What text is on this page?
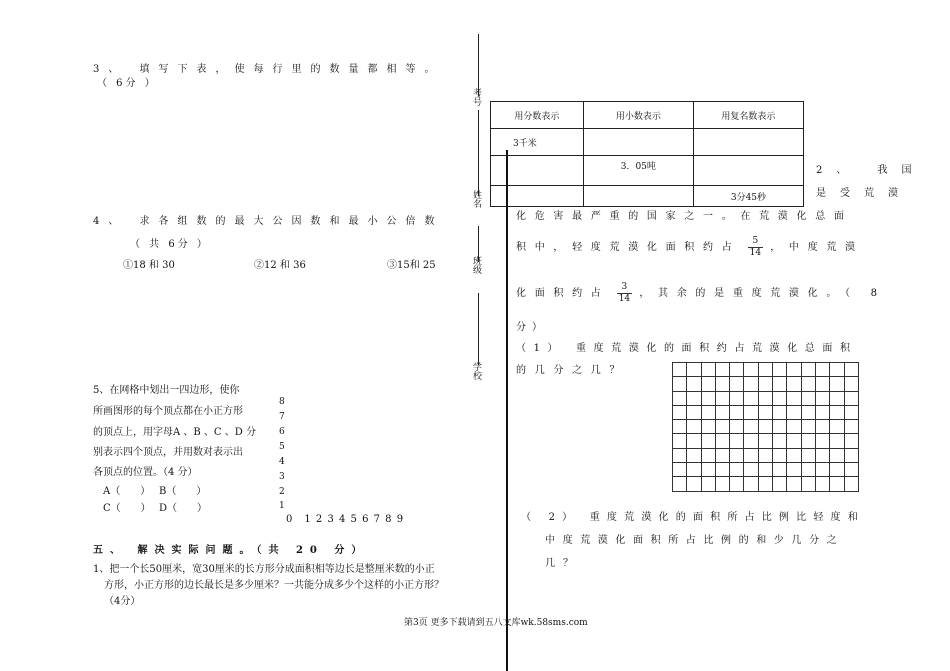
3、 填写下表，使每行里的数量都相等。
（ 6分 ）
4、 求各组数的最大公因数和最小公倍数
（ 共 6分 ）
①18 和 30	②12 和 36	③15和 25
5、在网格中划出一四边形，使你
所画图形的每个顶点都在小正方形
的顶点上，用字母A 、B 、C 、D 分
别表示四个顶点，并用数对表示出
各顶点的位置。（4 分）
A（　　） B（　　）
C（　　） D（　　）
8
7
6
5
4
3
2
1
0　1 2 3 4 5 6 7 8 9
五、 解决实际问题。（共 20 分）
1、把一个长50厘米，宽30厘米的长方形分成面积相等边长是整厘米数的小正
方形，小正方形的边长最长是多少厘米？一共能分成多少个这样的小正方形？
（4分）
考号
姓名
班级
学校
用分数表示	用小数表示	用复名数表示
3千米		
	3．05吨	
		3分45秒
2、 我国
是受荒漠
化危害最严重的国家之一。在荒漠化总面
积中，轻度荒漠化面积约占 $\frac{5}{14}$ ，中度荒漠
化面积约占 $\frac{3}{14}$ ，其余的是重度荒漠化。（ 8
分）
（1） 重度荒漠化的面积约占荒漠化总面积
的几分之几？

（ 2） 重度荒漠化的面积所占比例比轻度和
中度荒漠化面积所占比例的和少几分之
几？
第3页 更多下载请到五八文库wk.58sms.com
